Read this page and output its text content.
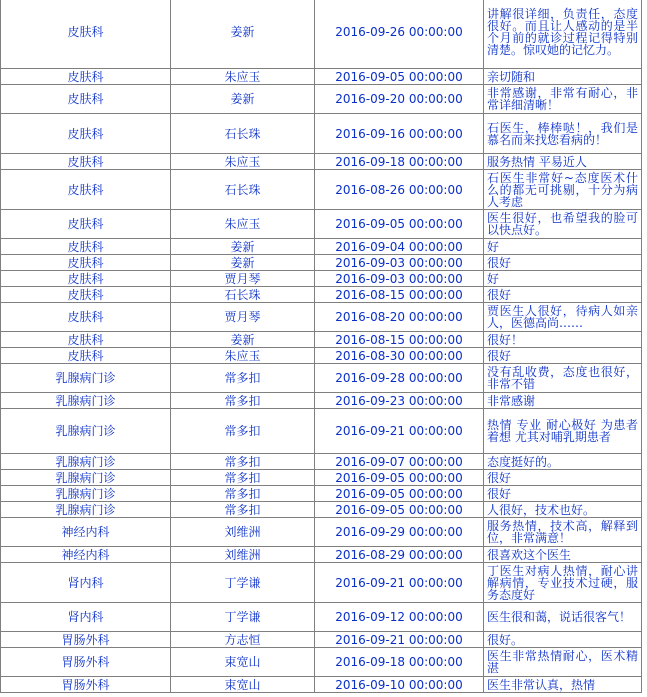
皮肤科	姜新	2016-09-26 00:00:00	讲解很详细，负责任，态度很好。而且让人感动的是半个月前的就诊过程记得特别清楚。惊叹她的记忆力。
皮肤科	朱应玉	2016-09-05 00:00:00	亲切随和
皮肤科	姜新	2016-09-20 00:00:00	非常感谢，非常有耐心，非常详细清晰！
皮肤科	石长珠	2016-09-16 00:00:00	石医生，棒棒哒！，我们是慕名而来找您看病的！
皮肤科	朱应玉	2016-09-18 00:00:00	服务热情 平易近人
皮肤科	石长珠	2016-08-26 00:00:00	石医生非常好~态度医术什么的都无可挑剔，十分为病人考虑
皮肤科	朱应玉	2016-09-05 00:00:00	医生很好，也希望我的脸可以快点好。
皮肤科	姜新	2016-09-04 00:00:00	好
皮肤科	姜新	2016-09-03 00:00:00	很好
皮肤科	贾月琴	2016-09-03 00:00:00	好
皮肤科	石长珠	2016-08-15 00:00:00	很好
皮肤科	贾月琴	2016-08-20 00:00:00	贾医生人很好，待病人如亲人，医德高尚……
皮肤科	姜新	2016-08-15 00:00:00	很好！
皮肤科	朱应玉	2016-08-30 00:00:00	很好
乳腺病门诊	常多扣	2016-09-28 00:00:00	没有乱收费，态度也很好，非常不错
乳腺病门诊	常多扣	2016-09-23 00:00:00	非常感谢
乳腺病门诊	常多扣	2016-09-21 00:00:00	热情 专业 耐心极好 为患者着想 尤其对哺乳期患者
乳腺病门诊	常多扣	2016-09-07 00:00:00	态度挺好的。
乳腺病门诊	常多扣	2016-09-05 00:00:00	很好
乳腺病门诊	常多扣	2016-09-05 00:00:00	很好
乳腺病门诊	常多扣	2016-09-05 00:00:00	人很好，技术也好。
神经内科	刘维洲	2016-09-29 00:00:00	服务热情，技术高，解释到位，非常满意！
神经内科	刘维洲	2016-08-29 00:00:00	很喜欢这个医生
肾内科	丁学谦	2016-09-21 00:00:00	丁医生对病人热情，耐心讲解病情，专业技术过硬，服务态度好
肾内科	丁学谦	2016-09-12 00:00:00	医生很和蔼，说话很客气！
胃肠外科	方志恒	2016-09-21 00:00:00	很好。
胃肠外科	束宽山	2016-09-18 00:00:00	医生非常热情耐心，医术精湛
胃肠外科	束宽山	2016-09-10 00:00:00	医生非常认真，热情
